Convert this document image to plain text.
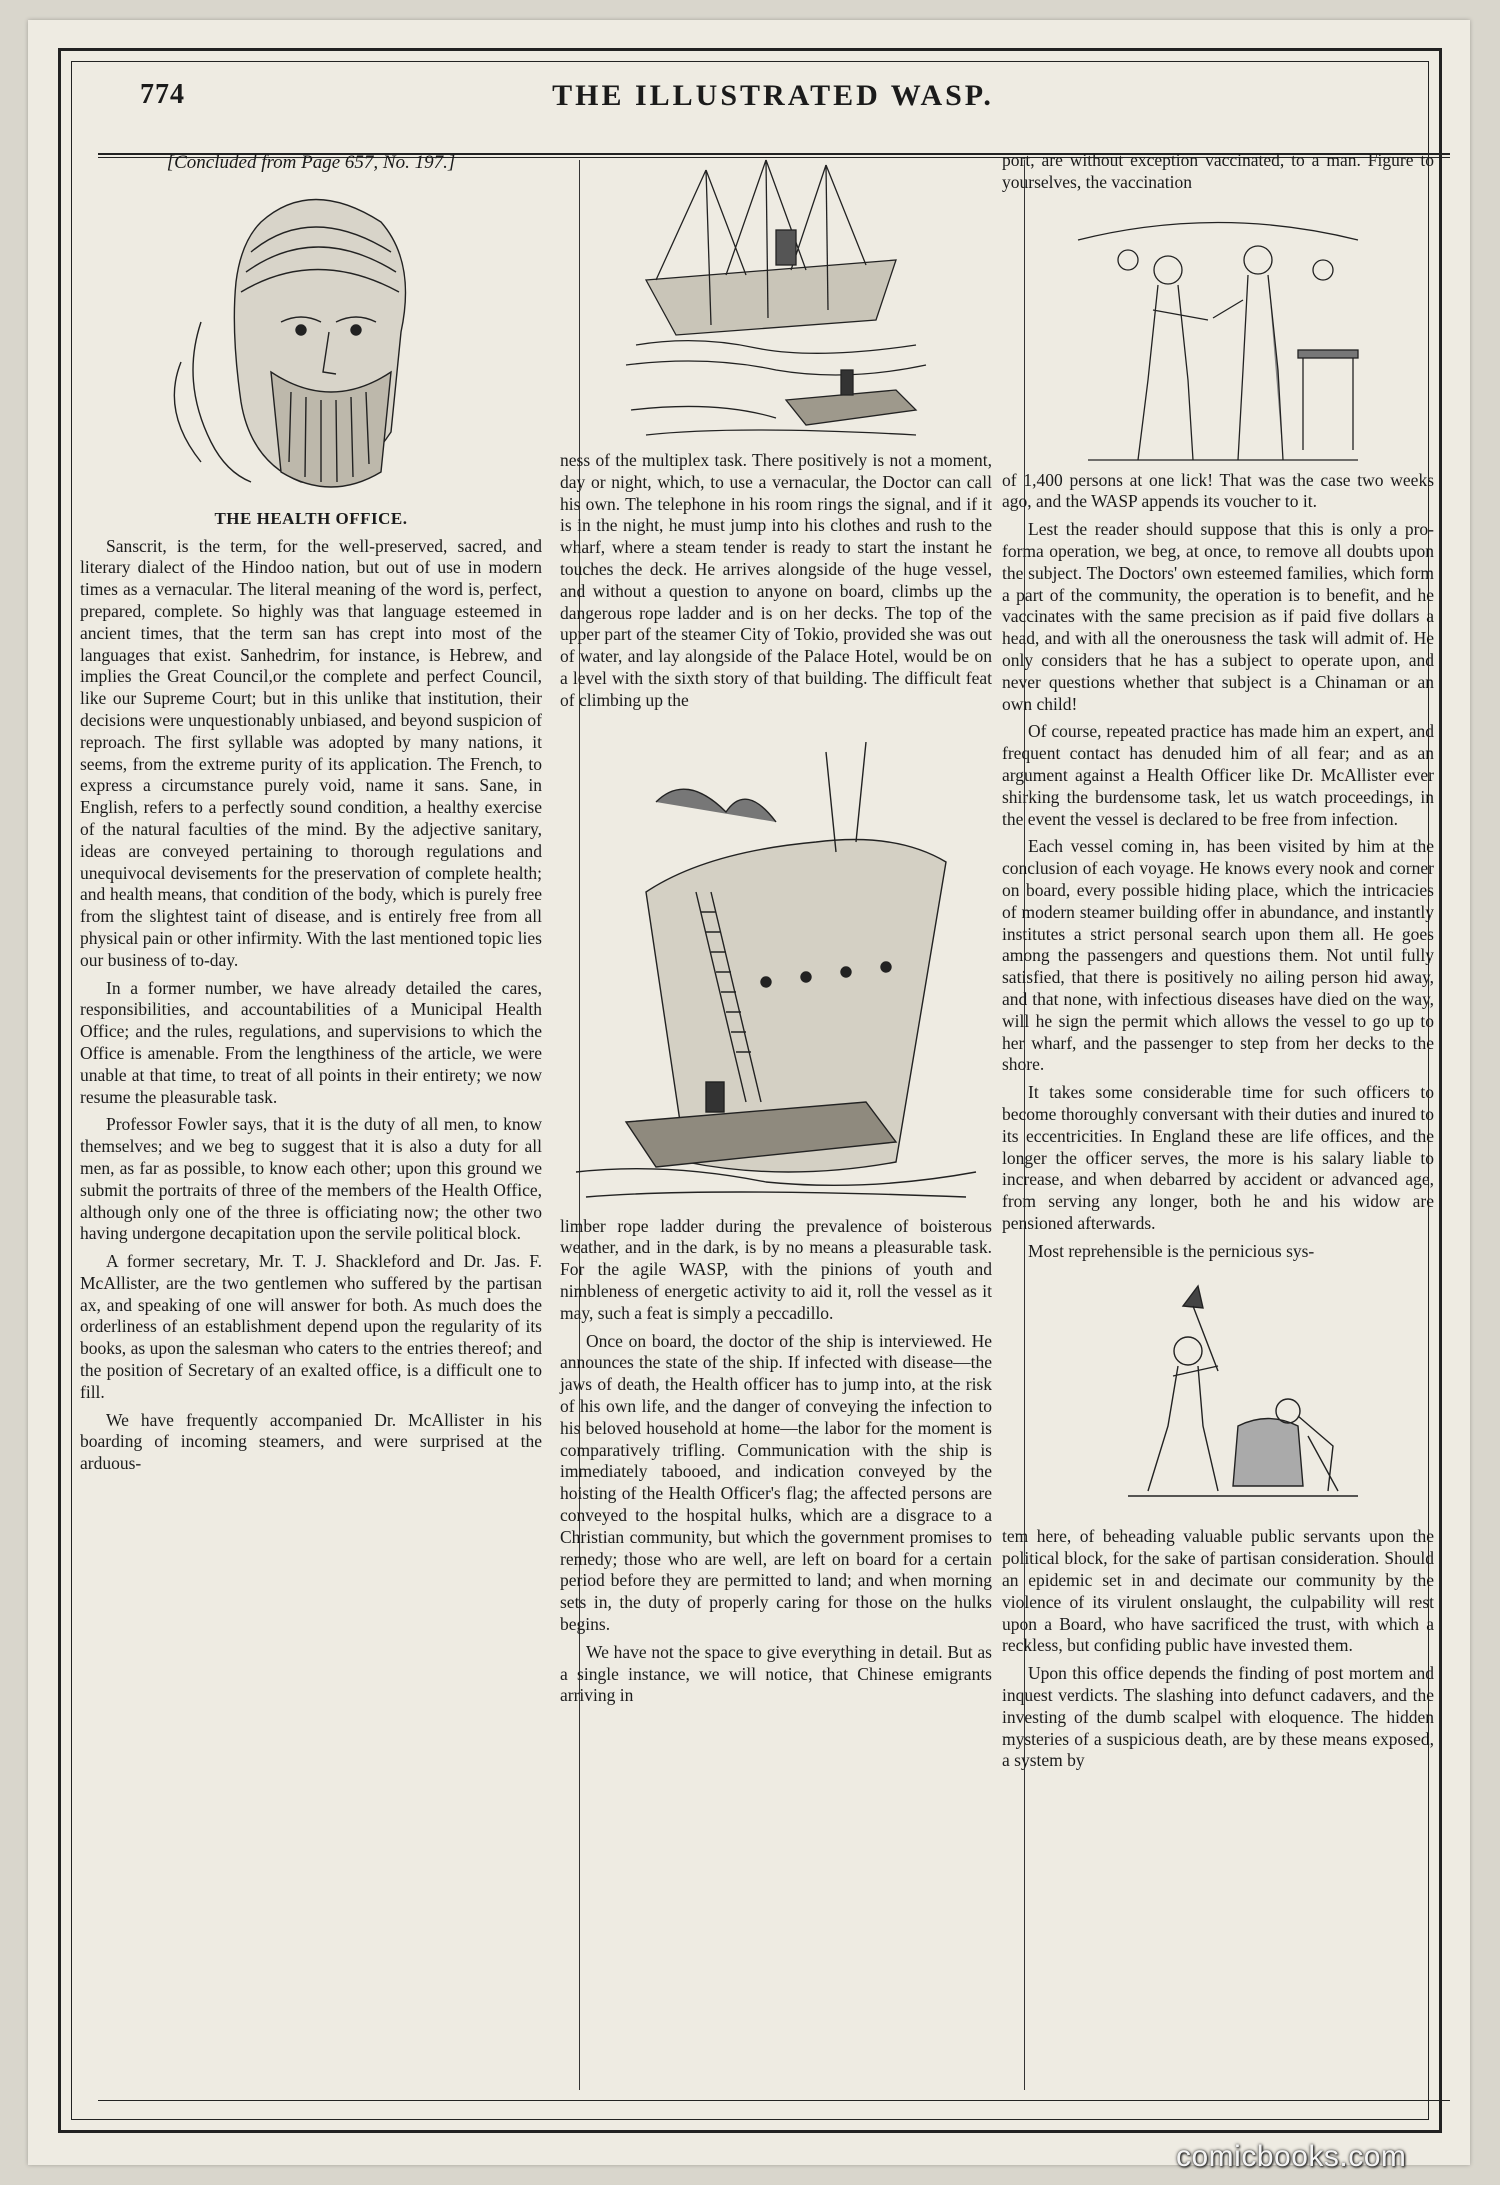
774	THE ILLUSTRATED WASP.

[Concluded from Page 657, No. 197.]

THE HEALTH OFFICE.

Sanscrit, is the term, for the well-preserved, sacred, and literary dialect of the Hindoo nation, but out of use in modern times as a vernacular. The literal meaning of the word is, perfect, prepared, complete. So highly was that language esteemed in ancient times, that the term san has crept into most of the languages that exist. Sanhedrim, for instance, is Hebrew, and implies the Great Council,or the complete and perfect Council, like our Supreme Court; but in this unlike that institution, their decisions were unquestionably unbiased, and beyond suspicion of reproach. The first syllable was adopted by many nations, it seems, from the extreme purity of its application. The French, to express a circumstance purely void, name it sans. Sane, in English, refers to a perfectly sound condition, a healthy exercise of the natural faculties of the mind. By the adjective sanitary, ideas are conveyed pertaining to thorough regulations and unequivocal devisements for the preservation of complete health; and health means, that condition of the body, which is purely free from the slightest taint of disease, and is entirely free from all physical pain or other infirmity. With the last mentioned topic lies our business of to-day.

In a former number, we have already detailed the cares, responsibilities, and accountabilities of a Municipal Health Office; and the rules, regulations, and supervisions to which the Office is amenable. From the lengthiness of the article, we were unable at that time, to treat of all points in their entirety; we now resume the pleasurable task.

Professor Fowler says, that it is the duty of all men, to know themselves; and we beg to suggest that it is also a duty for all men, as far as possible, to know each other; upon this ground we submit the portraits of three of the members of the Health Office, although only one of the three is officiating now; the other two having undergone decapitation upon the servile political block.

A former secretary, Mr. T. J. Shackleford and Dr. Jas. F. McAllister, are the two gentlemen who suffered by the partisan ax, and speaking of one will answer for both. As much does the orderliness of an establishment depend upon the regularity of its books, as upon the salesman who caters to the entries thereof; and the position of Secretary of an exalted office, is a difficult one to fill.

We have frequently accompanied Dr. McAllister in his boarding of incoming steamers, and were surprised at the arduous-

ness of the multiplex task. There positively is not a moment, day or night, which, to use a vernacular, the Doctor can call his own. The telephone in his room rings the signal, and if it is in the night, he must jump into his clothes and rush to the wharf, where a steam tender is ready to start the instant he touches the deck. He arrives alongside of the huge vessel, and without a question to anyone on board, climbs up the dangerous rope ladder and is on her decks. The top of the upper part of the steamer City of Tokio, provided she was out of water, and lay alongside of the Palace Hotel, would be on a level with the sixth story of that building. The difficult feat of climbing up the

limber rope ladder during the prevalence of boisterous weather, and in the dark, is by no means a pleasurable task. For the agile WASP, with the pinions of youth and nimbleness of energetic activity to aid it, roll the vessel as it may, such a feat is simply a peccadillo.

Once on board, the doctor of the ship is interviewed. He announces the state of the ship. If infected with disease—the jaws of death, the Health officer has to jump into, at the risk of his own life, and the danger of conveying the infection to his beloved household at home—the labor for the moment is comparatively trifling. Communication with the ship is immediately tabooed, and indication conveyed by the hoisting of the Health Officer's flag; the affected persons are conveyed to the hospital hulks, which are a disgrace to a Christian community, but which the government promises to remedy; those who are well, are left on board for a certain period before they are permitted to land; and when morning sets in, the duty of properly caring for those on the hulks begins.

We have not the space to give everything in detail. But as a single instance, we will notice, that Chinese emigrants arriving in

port, are without exception vaccinated, to a man. Figure to yourselves, the vaccination

of 1,400 persons at one lick! That was the case two weeks ago, and the WASP appends its voucher to it.

Lest the reader should suppose that this is only a pro-forma operation, we beg, at once, to remove all doubts upon the subject. The Doctors' own esteemed families, which form a part of the community, the operation is to benefit, and he vaccinates with the same precision as if paid five dollars a head, and with all the onerousness the task will admit of. He only considers that he has a subject to operate upon, and never questions whether that subject is a Chinaman or an own child!

Of course, repeated practice has made him an expert, and frequent contact has denuded him of all fear; and as an argument against a Health Officer like Dr. McAllister ever shirking the burdensome task, let us watch proceedings, in the event the vessel is declared to be free from infection.

Each vessel coming in, has been visited by him at the conclusion of each voyage. He knows every nook and corner on board, every possible hiding place, which the intricacies of modern steamer building offer in abundance, and instantly institutes a strict personal search upon them all. He goes among the passengers and questions them. Not until fully satisfied, that there is positively no ailing person hid away, and that none, with infectious diseases have died on the way, will he sign the permit which allows the vessel to go up to her wharf, and the passenger to step from her decks to the shore.

It takes some considerable time for such officers to become thoroughly conversant with their duties and inured to its eccentricities. In England these are life offices, and the longer the officer serves, the more is his salary liable to increase, and when debarred by accident or advanced age, from serving any longer, both he and his widow are pensioned afterwards.

Most reprehensible is the pernicious sys-

tem here, of beheading valuable public servants upon the political block, for the sake of partisan consideration. Should an epidemic set in and decimate our community by the violence of its virulent onslaught, the culpability will rest upon a Board, who have sacrificed the trust, with which a reckless, but confiding public have invested them.

Upon this office depends the finding of post mortem and inquest verdicts. The slashing into defunct cadavers, and the investing of the dumb scalpel with eloquence. The hidden mysteries of a suspicious death, are by these means exposed, a system by

comicbooks.com
